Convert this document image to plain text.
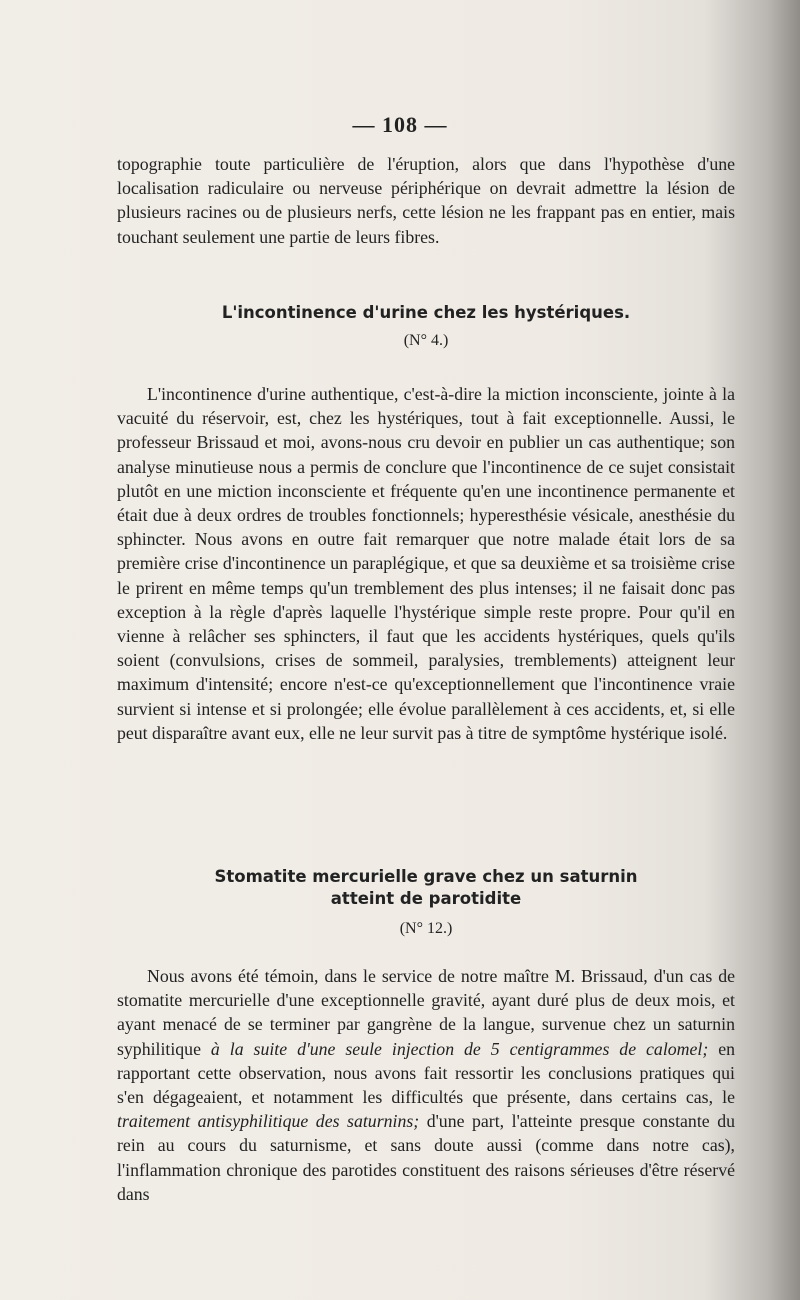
— 108 —

topographie toute particulière de l'éruption, alors que dans l'hypothèse d'une localisation radiculaire ou nerveuse périphérique on devrait admettre la lésion de plusieurs racines ou de plusieurs nerfs, cette lésion ne les frappant pas en entier, mais touchant seulement une partie de leurs fibres.

L'incontinence d'urine chez les hystériques.
(N° 4.)

L'incontinence d'urine authentique, c'est-à-dire la miction inconsciente, jointe à la vacuité du réservoir, est, chez les hystériques, tout à fait exceptionnelle. Aussi, le professeur Brissaud et moi, avons-nous cru devoir en publier un cas authentique; son analyse minutieuse nous a permis de conclure que l'incontinence de ce sujet consistait plutôt en une miction inconsciente et fréquente qu'en une incontinence permanente et était due à deux ordres de troubles fonctionnels; hyperesthésie vésicale, anesthésie du sphincter. Nous avons en outre fait remarquer que notre malade était lors de sa première crise d'incontinence un paraplégique, et que sa deuxième et sa troisième crise le prirent en même temps qu'un tremblement des plus intenses; il ne faisait donc pas exception à la règle d'après laquelle l'hystérique simple reste propre. Pour qu'il en vienne à relâcher ses sphincters, il faut que les accidents hystériques, quels qu'ils soient (convulsions, crises de sommeil, paralysies, tremblements) atteignent leur maximum d'intensité; encore n'est-ce qu'exceptionnellement que l'incontinence vraie survient si intense et si prolongée; elle évolue parallèlement à ces accidents, et, si elle peut disparaître avant eux, elle ne leur survit pas à titre de symptôme hystérique isolé.

Stomatite mercurielle grave chez un saturnin
atteint de parotidite
(N° 12.)

Nous avons été témoin, dans le service de notre maître M. Brissaud, d'un cas de stomatite mercurielle d'une exceptionnelle gravité, ayant duré plus de deux mois, et ayant menacé de se terminer par gangrène de la langue, survenue chez un saturnin syphilitique à la suite d'une seule injection de 5 centigrammes de calomel; en rapportant cette observation, nous avons fait ressortir les conclusions pratiques qui s'en dégageaient, et notamment les difficultés que présente, dans certains cas, le traitement antisyphilitique des saturnins; d'une part, l'atteinte presque constante du rein au cours du saturnisme, et sans doute aussi (comme dans notre cas), l'inflammation chronique des parotides constituent des raisons sérieuses d'être réservé dans
